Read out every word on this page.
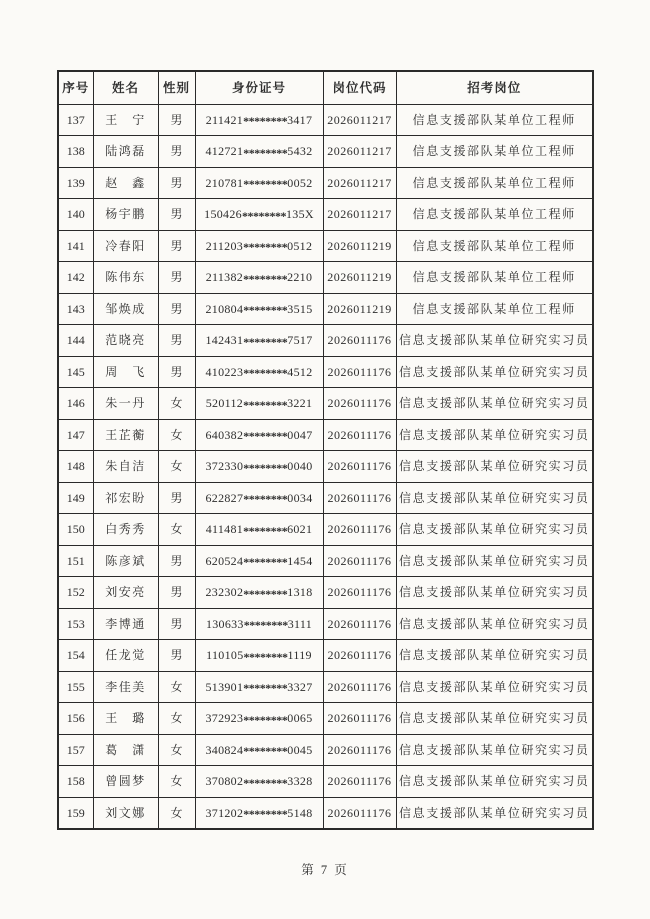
序号	姓名	性别	身份证号	岗位代码	招考岗位
137	王　宁	男	211421********3417	2026011217	信息支援部队某单位工程师
138	陆鸿磊	男	412721********5432	2026011217	信息支援部队某单位工程师
139	赵　鑫	男	210781********0052	2026011217	信息支援部队某单位工程师
140	杨宇鹏	男	150426********135X	2026011217	信息支援部队某单位工程师
141	冷春阳	男	211203********0512	2026011219	信息支援部队某单位工程师
142	陈伟东	男	211382********2210	2026011219	信息支援部队某单位工程师
143	邹焕成	男	210804********3515	2026011219	信息支援部队某单位工程师
144	范晓亮	男	142431********7517	2026011176	信息支援部队某单位研究实习员
145	周　飞	男	410223********4512	2026011176	信息支援部队某单位研究实习员
146	朱一丹	女	520112********3221	2026011176	信息支援部队某单位研究实习员
147	王芷蘅	女	640382********0047	2026011176	信息支援部队某单位研究实习员
148	朱自洁	女	372330********0040	2026011176	信息支援部队某单位研究实习员
149	祁宏盼	男	622827********0034	2026011176	信息支援部队某单位研究实习员
150	白秀秀	女	411481********6021	2026011176	信息支援部队某单位研究实习员
151	陈彦斌	男	620524********1454	2026011176	信息支援部队某单位研究实习员
152	刘安亮	男	232302********1318	2026011176	信息支援部队某单位研究实习员
153	李博通	男	130633********3111	2026011176	信息支援部队某单位研究实习员
154	任龙觉	男	110105********1119	2026011176	信息支援部队某单位研究实习员
155	李佳美	女	513901********3327	2026011176	信息支援部队某单位研究实习员
156	王　璐	女	372923********0065	2026011176	信息支援部队某单位研究实习员
157	葛　潇	女	340824********0045	2026011176	信息支援部队某单位研究实习员
158	曾圆梦	女	370802********3328	2026011176	信息支援部队某单位研究实习员
159	刘文娜	女	371202********5148	2026011176	信息支援部队某单位研究实习员
第 7 页
